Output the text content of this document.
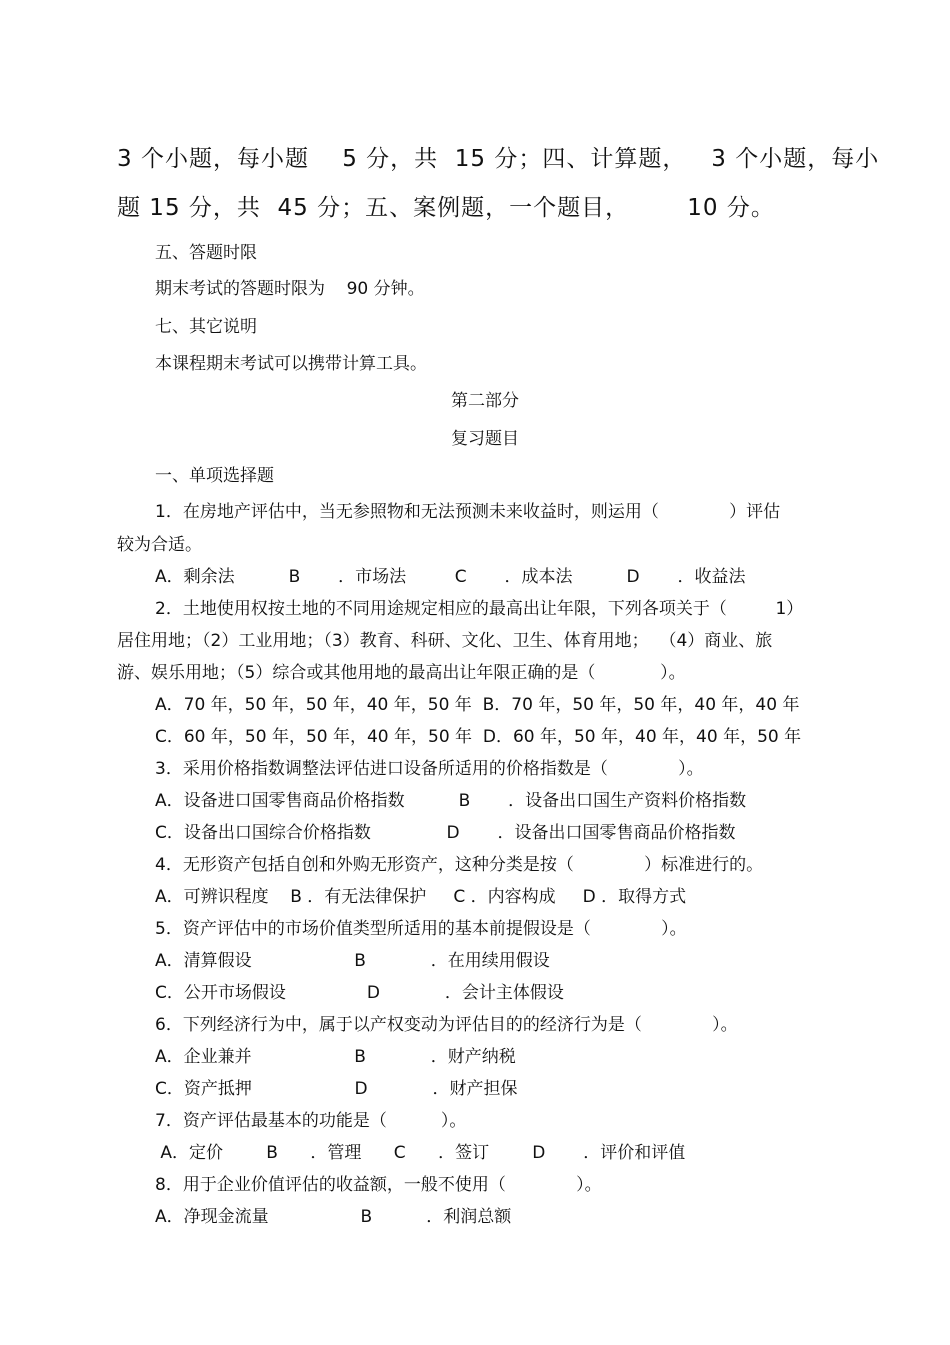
3 个小题，每小题    5 分，共  15 分；四、计算题，   3 个小题，每小
题 15 分，共  45 分；五、案例题，一个题目，       10 分。
五、答题时限
期末考试的答题时限为    90 分钟。
七、其它说明
本课程期末考试可以携带计算工具。
第二部分
复习题目
一、单项选择题
1．在房地产评估中，当无参照物和无法预测未来收益时，则运用（             ）评估
较为合适。
A．剩余法          B       ．市场法         C       ．成本法          D       ．收益法
2．土地使用权按土地的不同用途规定相应的最高出让年限，下列各项关于（         1）
居住用地；（2）工业用地；（3）教育、科研、文化、卫生、体育用地；  （4）商业、旅
游、娱乐用地；（5）综合或其他用地的最高出让年限正确的是（            ）。
A．70 年，50 年，50 年，40 年，50 年  B．70 年，50 年，50 年，40 年，40 年
C．60 年，50 年，50 年，40 年，50 年  D．60 年，50 年，40 年，40 年，50 年
3．采用价格指数调整法评估进口设备所适用的价格指数是（             ）。
A．设备进口国零售商品价格指数          B       ．设备出口国生产资料价格指数
C．设备出口国综合价格指数              D       ．设备出口国零售商品价格指数
4．无形资产包括自创和外购无形资产，这种分类是按（             ）标准进行的。
A．可辨识程度    B ．有无法律保护     C ．内容构成     D ．取得方式
5．资产评估中的市场价值类型所适用的基本前提假设是（             ）。
A．清算假设                   B            ．在用续用假设
C．公开市场假设               D            ．会计主体假设
6．下列经济行为中，属于以产权变动为评估目的的经济行为是（             ）。
A．企业兼并                   B            ．财产纳税
C．资产抵押                   D            ．财产担保
7．资产评估最基本的功能是（          ）。
A．定价        B      ．管理      C      ．签订        D       ．评价和评值
8．用于企业价值评估的收益额，一般不使用（             ）。
A．净现金流量                 B          ．利润总额
